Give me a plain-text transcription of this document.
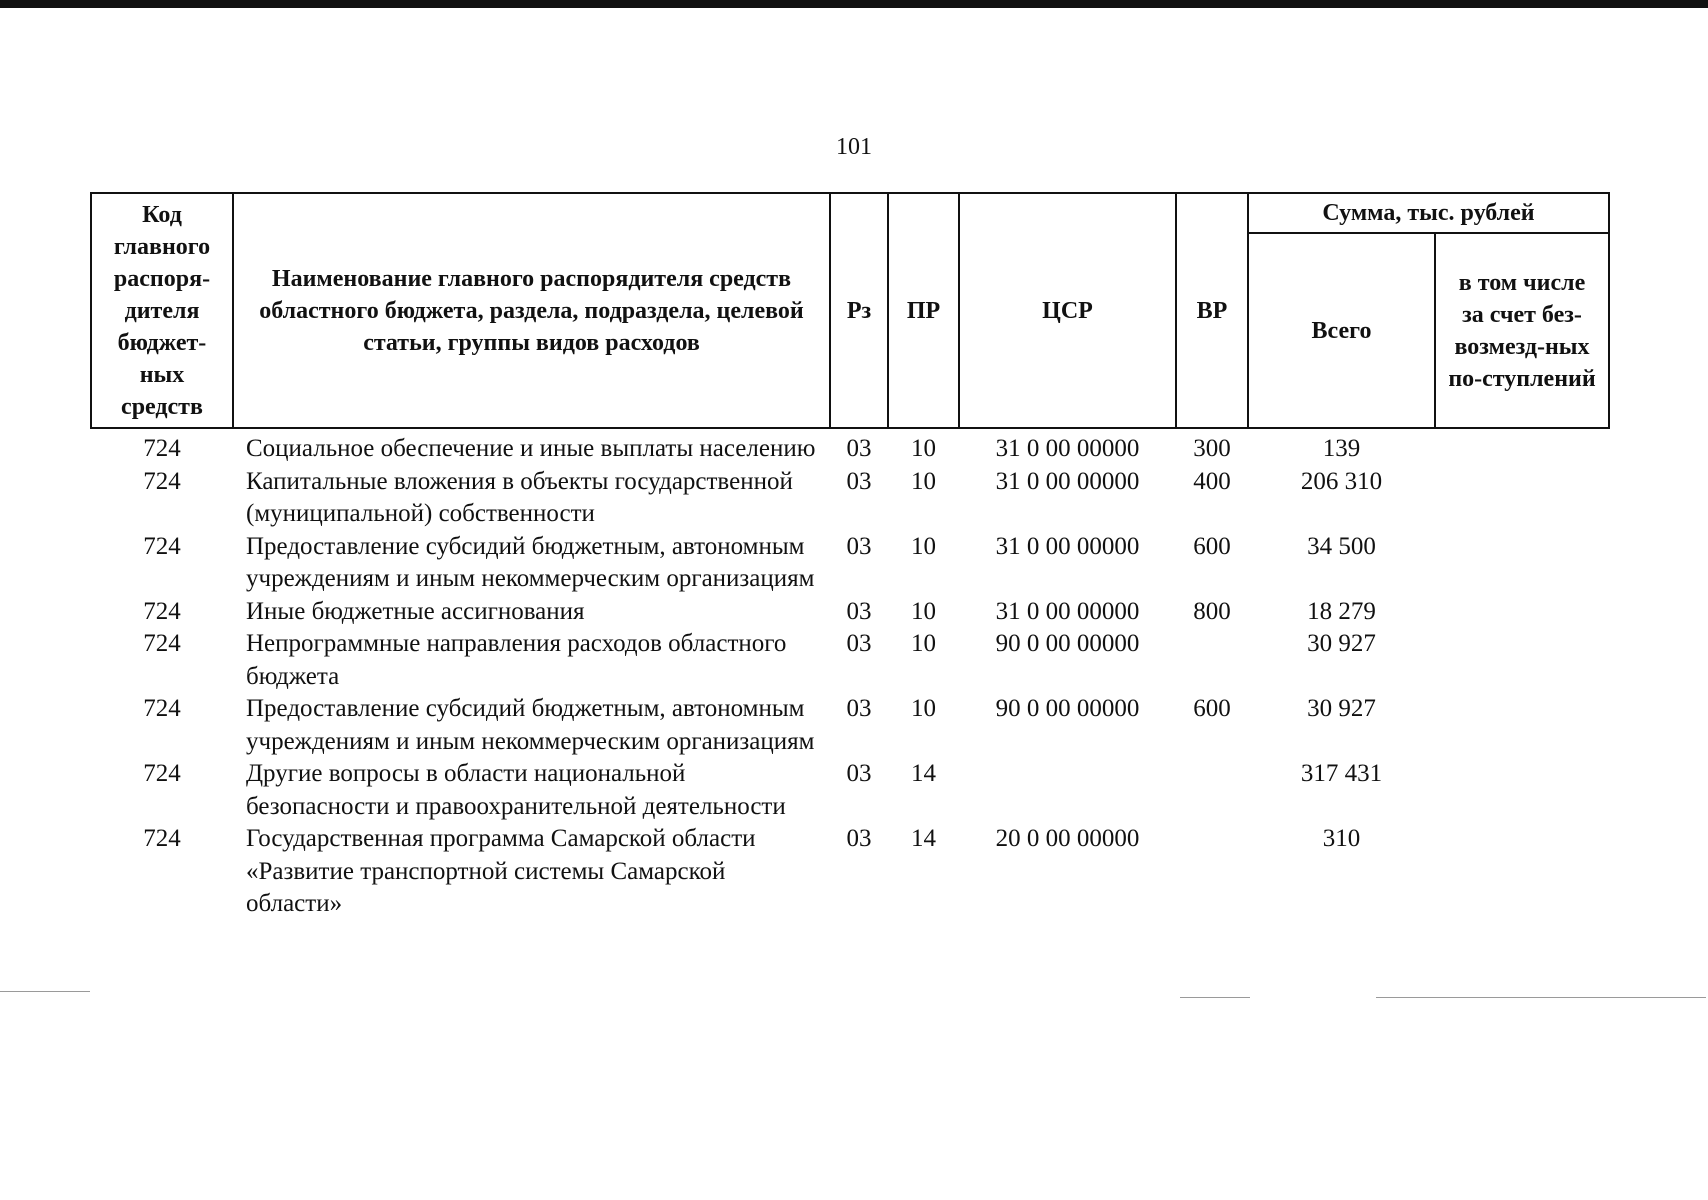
101
Код главного распоря-дителя бюджет-ных средств	Наименование главного распорядителя средств областного бюджета, раздела, подраздела, целевой статьи, группы видов расходов	Рз	ПР	ЦСР	ВР	Сумма, тыс. рублей	
						Всего	в том числе за счет без-возмезд-ных по-ступлений
724	Социальное обеспечение и иные выплаты населению	03	10	31 0 00 00000	300	139	
724	Капитальные вложения в объекты государственной (муниципальной) собственности	03	10	31 0 00 00000	400	206 310	
724	Предоставление субсидий бюджетным, автономным учреждениям и иным некоммерческим организациям	03	10	31 0 00 00000	600	34 500	
724	Иные бюджетные ассигнования	03	10	31 0 00 00000	800	18 279	
724	Непрограммные направления расходов областного бюджета	03	10	90 0 00 00000		30 927	
724	Предоставление субсидий бюджетным, автономным учреждениям и иным некоммерческим организациям	03	10	90 0 00 00000	600	30 927	
724	Другие вопросы в области национальной безопасности и правоохранительной деятельности	03	14			317 431	
724	Государственная программа Самарской области «Развитие транспортной системы Самарской области»	03	14	20 0 00 00000		310	
